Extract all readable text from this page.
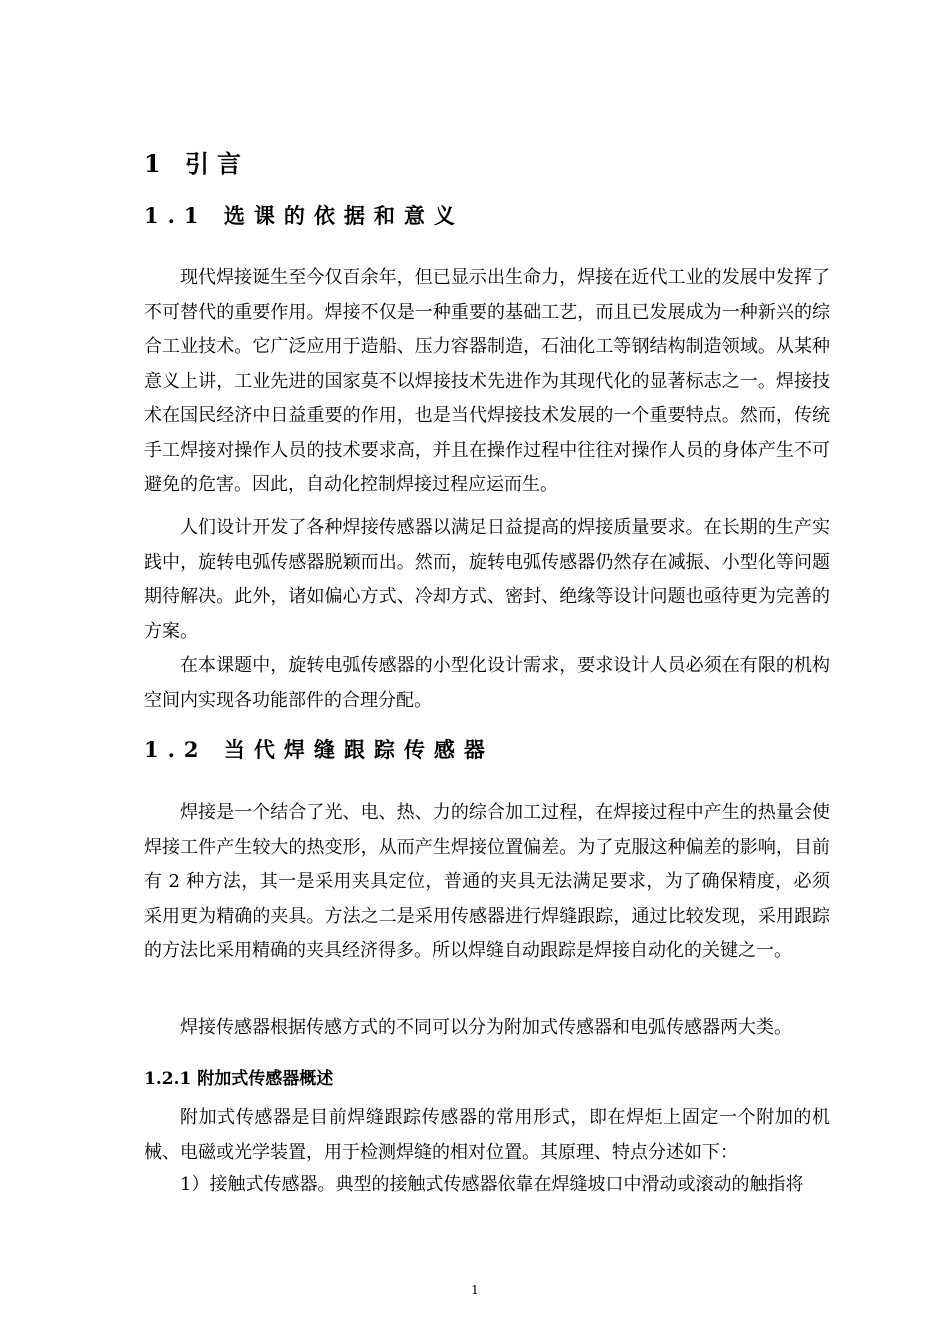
1 引言
1.1 选课的依据和意义

现代焊接诞生至今仅百余年，但已显示出生命力，焊接在近代工业的发展中发挥了不可替代的重要作用。焊接不仅是一种重要的基础工艺，而且已发展成为一种新兴的综合工业技术。它广泛应用于造船、压力容器制造，石油化工等钢结构制造领域。从某种意义上讲，工业先进的国家莫不以焊接技术先进作为其现代化的显著标志之一。焊接技术在国民经济中日益重要的作用，也是当代焊接技术发展的一个重要特点。然而，传统手工焊接对操作人员的技术要求高，并且在操作过程中往往对操作人员的身体产生不可避免的危害。因此，自动化控制焊接过程应运而生。

人们设计开发了各种焊接传感器以满足日益提高的焊接质量要求。在长期的生产实践中，旋转电弧传感器脱颖而出。然而，旋转电弧传感器仍然存在减振、小型化等问题期待解决。此外，诸如偏心方式、冷却方式、密封、绝缘等设计问题也亟待更为完善的方案。

在本课题中，旋转电弧传感器的小型化设计需求，要求设计人员必须在有限的机构空间内实现各功能部件的合理分配。

1.2 当代焊缝跟踪传感器

焊接是一个结合了光、电、热、力的综合加工过程，在焊接过程中产生的热量会使焊接工件产生较大的热变形，从而产生焊接位置偏差。为了克服这种偏差的影响，目前有 2 种方法，其一是采用夹具定位，普通的夹具无法满足要求，为了确保精度，必须采用更为精确的夹具。方法之二是采用传感器进行焊缝跟踪，通过比较发现，采用跟踪的方法比采用精确的夹具经济得多。所以焊缝自动跟踪是焊接自动化的关键之一。

焊接传感器根据传感方式的不同可以分为附加式传感器和电弧传感器两大类。

1.2.1 附加式传感器概述

附加式传感器是目前焊缝跟踪传感器的常用形式，即在焊炬上固定一个附加的机械、电磁或光学装置，用于检测焊缝的相对位置。其原理、特点分述如下：

1）接触式传感器。典型的接触式传感器依靠在焊缝坡口中滑动或滚动的触指将

1
